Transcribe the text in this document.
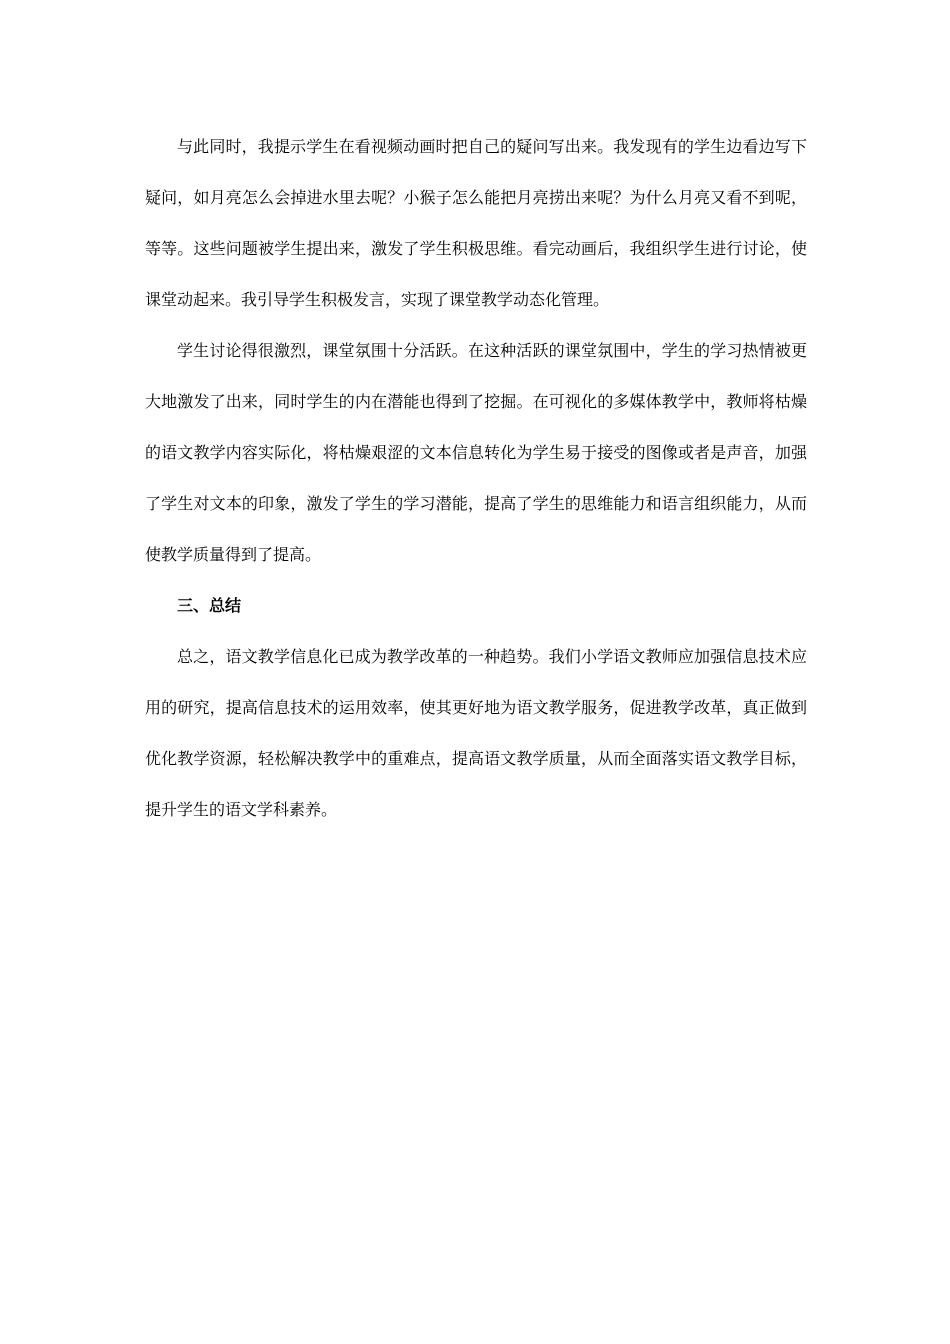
与此同时，我提示学生在看视频动画时把自己的疑问写出来。我发现有的学生边看边写下疑问，如月亮怎么会掉进水里去呢？小猴子怎么能把月亮捞出来呢？为什么月亮又看不到呢，等等。这些问题被学生提出来，激发了学生积极思维。看完动画后，我组织学生进行讨论，使课堂动起来。我引导学生积极发言，实现了课堂教学动态化管理。

学生讨论得很激烈，课堂氛围十分活跃。在这种活跃的课堂氛围中，学生的学习热情被更大地激发了出来，同时学生的内在潜能也得到了挖掘。在可视化的多媒体教学中，教师将枯燥的语文教学内容实际化，将枯燥艰涩的文本信息转化为学生易于接受的图像或者是声音，加强了学生对文本的印象，激发了学生的学习潜能，提高了学生的思维能力和语言组织能力，从而使教学质量得到了提高。

三、总结

总之，语文教学信息化已成为教学改革的一种趋势。我们小学语文教师应加强信息技术应用的研究，提高信息技术的运用效率，使其更好地为语文教学服务，促进教学改革，真正做到优化教学资源，轻松解决教学中的重难点，提高语文教学质量，从而全面落实语文教学目标，提升学生的语文学科素养。
